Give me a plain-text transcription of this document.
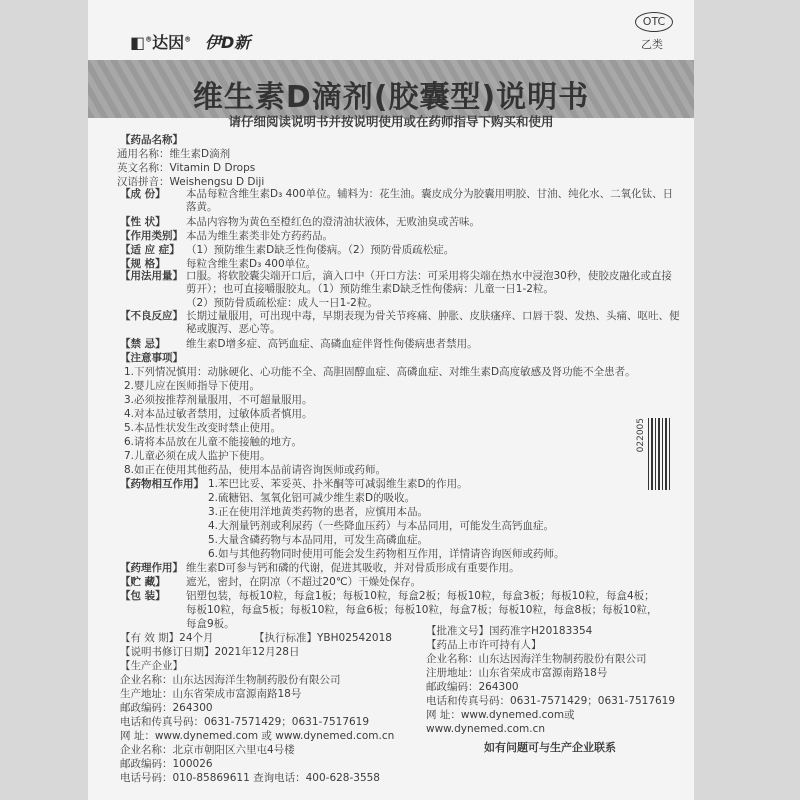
◧®达因® 伊D新
OTC
乙类
维生素D滴剂(胶囊型)说明书
请仔细阅读说明书并按说明使用或在药师指导下购买和使用
【药品名称】
通用名称：维生素D滴剂
英文名称：Vitamin D Drops
汉语拼音：Weishengsu D Diji
【成 份】 本品每粒含维生素D₃ 400单位。辅料为：花生油。囊皮成分为胶囊用明胶、甘油、纯化水、二氧化钛、日落黄。
【性 状】 本品内容物为黄色至橙红色的澄清油状液体，无败油臭或苦味。
【作用类别】 本品为维生素类非处方药药品。
【适 应 症】 （1）预防维生素D缺乏性佝偻病。（2）预防骨质疏松症。
【规 格】 每粒含维生素D₃ 400单位。
【用法用量】 口服。将软胶囊尖端开口后，滴入口中（开口方法：可采用将尖端在热水中浸泡30秒，使胶皮融化或直接剪开）；也可直接嚼服胶丸。（1）预防维生素D缺乏性佝偻病：儿童一日1-2粒。
（2）预防骨质疏松症：成人一日1-2粒。
【不良反应】 长期过量服用，可出现中毒，早期表现为骨关节疼痛、肿胀、皮肤瘙痒、口唇干裂、发热、头痛、呕吐、便秘或腹泻、恶心等。
【禁 忌】 维生素D增多症、高钙血症、高磷血症伴肾性佝偻病患者禁用。
【注意事项】
1.下列情况慎用：动脉硬化、心功能不全、高胆固醇血症、高磷血症、对维生素D高度敏感及肾功能不全患者。
2.婴儿应在医师指导下使用。
3.必须按推荐剂量服用，不可超量服用。
4.对本品过敏者禁用，过敏体质者慎用。
5.本品性状发生改变时禁止使用。
6.请将本品放在儿童不能接触的地方。
7.儿童必须在成人监护下使用。
8.如正在使用其他药品，使用本品前请咨询医师或药师。
【药物相互作用】 1.苯巴比妥、苯妥英、扑米酮等可减弱维生素D的作用。
2.硫糖铝、氢氧化铝可减少维生素D的吸收。
3.正在使用洋地黄类药物的患者，应慎用本品。
4.大剂量钙剂或利尿药（一些降血压药）与本品同用，可能发生高钙血症。
5.大量含磷药物与本品同用，可发生高磷血症。
6.如与其他药物同时使用可能会发生药物相互作用，详情请咨询医师或药师。
【药理作用】 维生素D可参与钙和磷的代谢，促进其吸收，并对骨质形成有重要作用。
【贮 藏】 遮光，密封，在阴凉（不超过20℃）干燥处保存。
【包 装】 铝塑包装，每板10粒，每盒1板；每板10粒，每盒2板；每板10粒，每盒3板；每板10粒，每盒4板；
每板10粒，每盒5板；每板10粒，每盒6板；每板10粒，每盒7板；每板10粒，每盒8板；每板10粒，
每盒9板。
【有 效 期】24个月	【执行标准】YBH02542018
【批准文号】国药准字H20183354
【说明书修订日期】2021年12月28日
【药品上市许可持有人】
【生产企业】
企业名称：山东达因海洋生物制药股份有限公司
生产地址：山东省荣成市富源南路18号
邮政编码：264300
电话和传真号码：0631-7571429；0631-7517619
网 址：www.dynemed.com 或 www.dynemed.com.cn
企业名称：山东达因海洋生物制药股份有限公司
注册地址：山东省荣成市富源南路18号
邮政编码：264300
电话和传真号码：0631-7571429；0631-7517619
网 址：www.dynemed.com或
www.dynemed.com.cn
企业名称：北京市朝阳区六里屯4号楼
邮政编码：100026
电话号码：010-85869611 查询电话：400-628-3558
如有问题可与生产企业联系
022005
